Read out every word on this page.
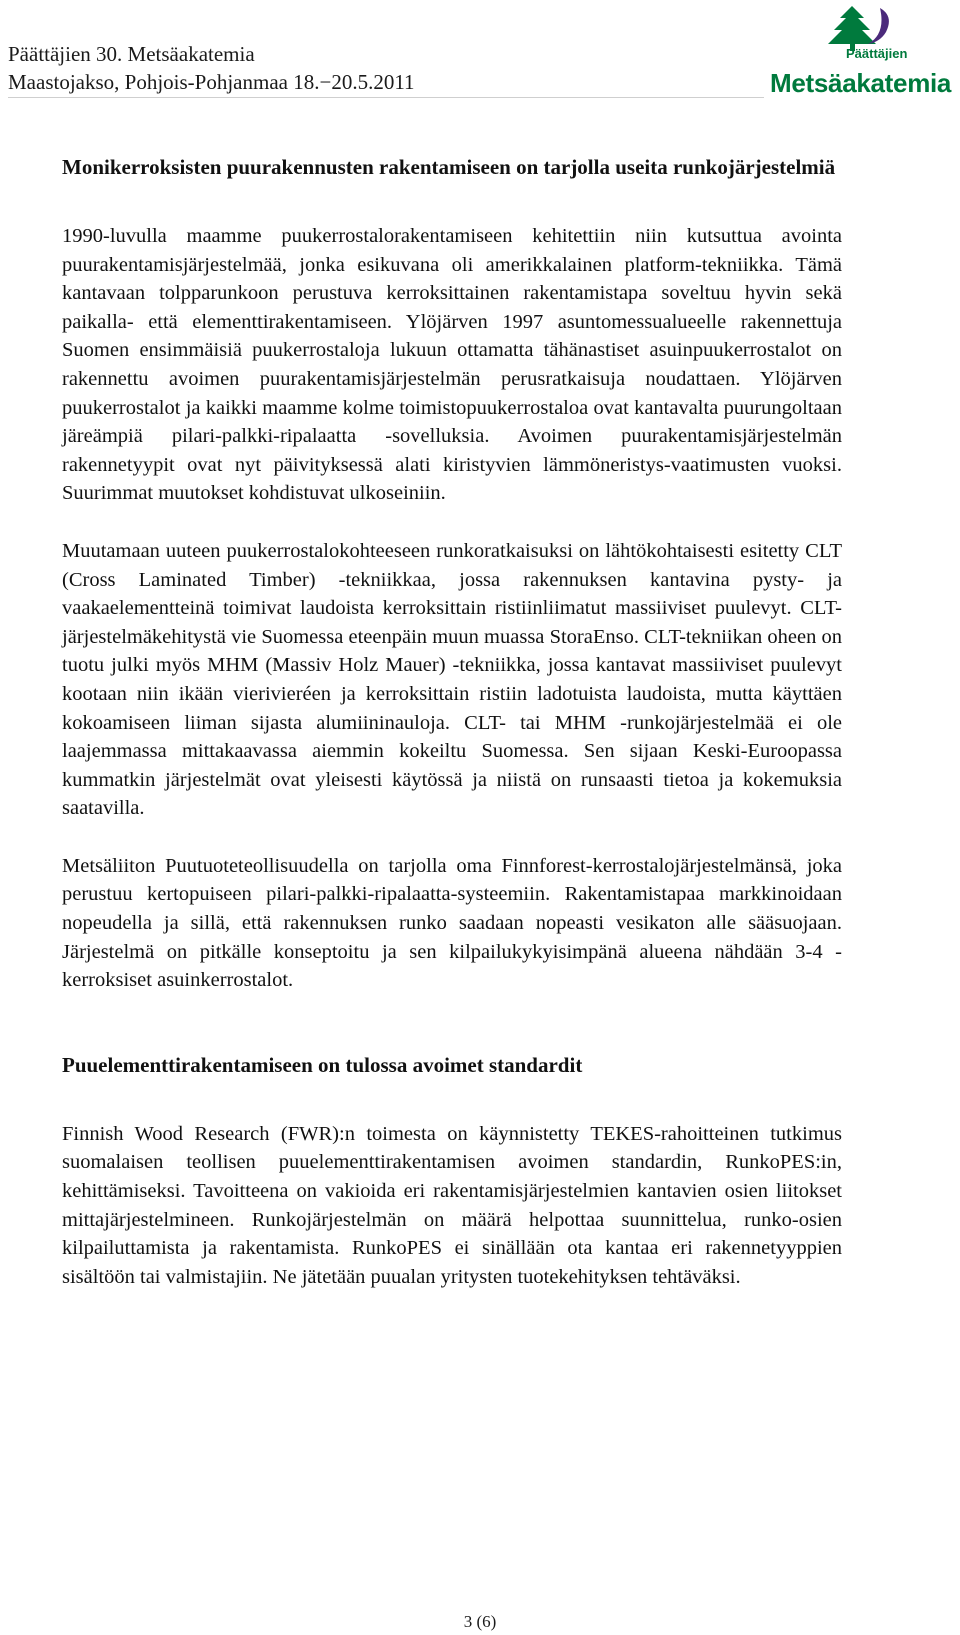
Päättäjien 30. Metsäakatemia
Maastojakso, Pohjois-Pohjanmaa 18.−20.5.2011
Päättäjien
Metsäakatemia
Monikerroksisten puurakennusten rakentamiseen on tarjolla useita runkojärjestelmiä

1990-luvulla maamme puukerrostalorakentamiseen kehitettiin niin kutsuttua avointa puurakentamisjärjestelmää, jonka esikuvana oli amerikkalainen platform-tekniikka. Tämä kantavaan tolpparunkoon perustuva kerroksittainen rakentamistapa soveltuu hyvin sekä paikalla- että elementtirakentamiseen. Ylöjärven 1997 asuntomessualueelle rakennettuja Suomen ensimmäisiä puukerrostaloja lukuun ottamatta tähänastiset asuinpuukerrostalot on rakennettu avoimen puurakentamisjärjestelmän perusratkaisuja noudattaen. Ylöjärven puukerrostalot ja kaikki maamme kolme toimistopuukerrostaloa ovat kantavalta puurungoltaan järeämpiä pilari-palkki-ripalaatta -sovelluksia. Avoimen puurakentamisjärjestelmän rakennetyypit ovat nyt päivityksessä alati kiristyvien lämmöneristys-vaatimusten vuoksi. Suurimmat muutokset kohdistuvat ulkoseiniin.

Muutamaan uuteen puukerrostalokohteeseen runkoratkaisuksi on lähtökohtaisesti esitetty CLT (Cross Laminated Timber) -tekniikkaa, jossa rakennuksen kantavina pysty- ja vaakaelementteinä toimivat laudoista kerroksittain ristiinliimatut massiiviset puulevyt. CLT-järjestelmäkehitystä vie Suomessa eteenpäin muun muassa StoraEnso. CLT-tekniikan oheen on tuotu julki myös MHM (Massiv Holz Mauer) -tekniikka, jossa kantavat massiiviset puulevyt kootaan niin ikään vierivieréen ja kerroksittain ristiin ladotuista laudoista, mutta käyttäen kokoamiseen liiman sijasta alumiininauloja. CLT- tai MHM -runkojärjestelmää ei ole laajemmassa mittakaavassa aiemmin kokeiltu Suomessa. Sen sijaan Keski-Euroopassa kummatkin järjestelmät ovat yleisesti käytössä ja niistä on runsaasti tietoa ja kokemuksia saatavilla.

Metsäliiton Puutuoteteollisuudella on tarjolla oma Finnforest-kerrostalojärjestelmänsä, joka perustuu kertopuiseen pilari-palkki-ripalaatta-systeemiin. Rakentamistapaa markkinoidaan nopeudella ja sillä, että rakennuksen runko saadaan nopeasti vesikaton alle sääsuojaan. Järjestelmä on pitkälle konseptoitu ja sen kilpailukykyisimpänä alueena nähdään 3-4 -kerroksiset asuinkerrostalot.

Puuelementtirakentamiseen on tulossa avoimet standardit

Finnish Wood Research (FWR):n toimesta on käynnistetty TEKES-rahoitteinen tutkimus suomalaisen teollisen puuelementtirakentamisen avoimen standardin, RunkoPES:in, kehittämiseksi. Tavoitteena on vakioida eri rakentamisjärjestelmien kantavien osien liitokset mittajärjestelmineen. Runkojärjestelmän on määrä helpottaa suunnittelua, runko-osien kilpailuttamista ja rakentamista. RunkoPES ei sinällään ota kantaa eri rakennetyyppien sisältöön tai valmistajiin. Ne jätetään puualan yritysten tuotekehityksen tehtäväksi.

3 (6)
